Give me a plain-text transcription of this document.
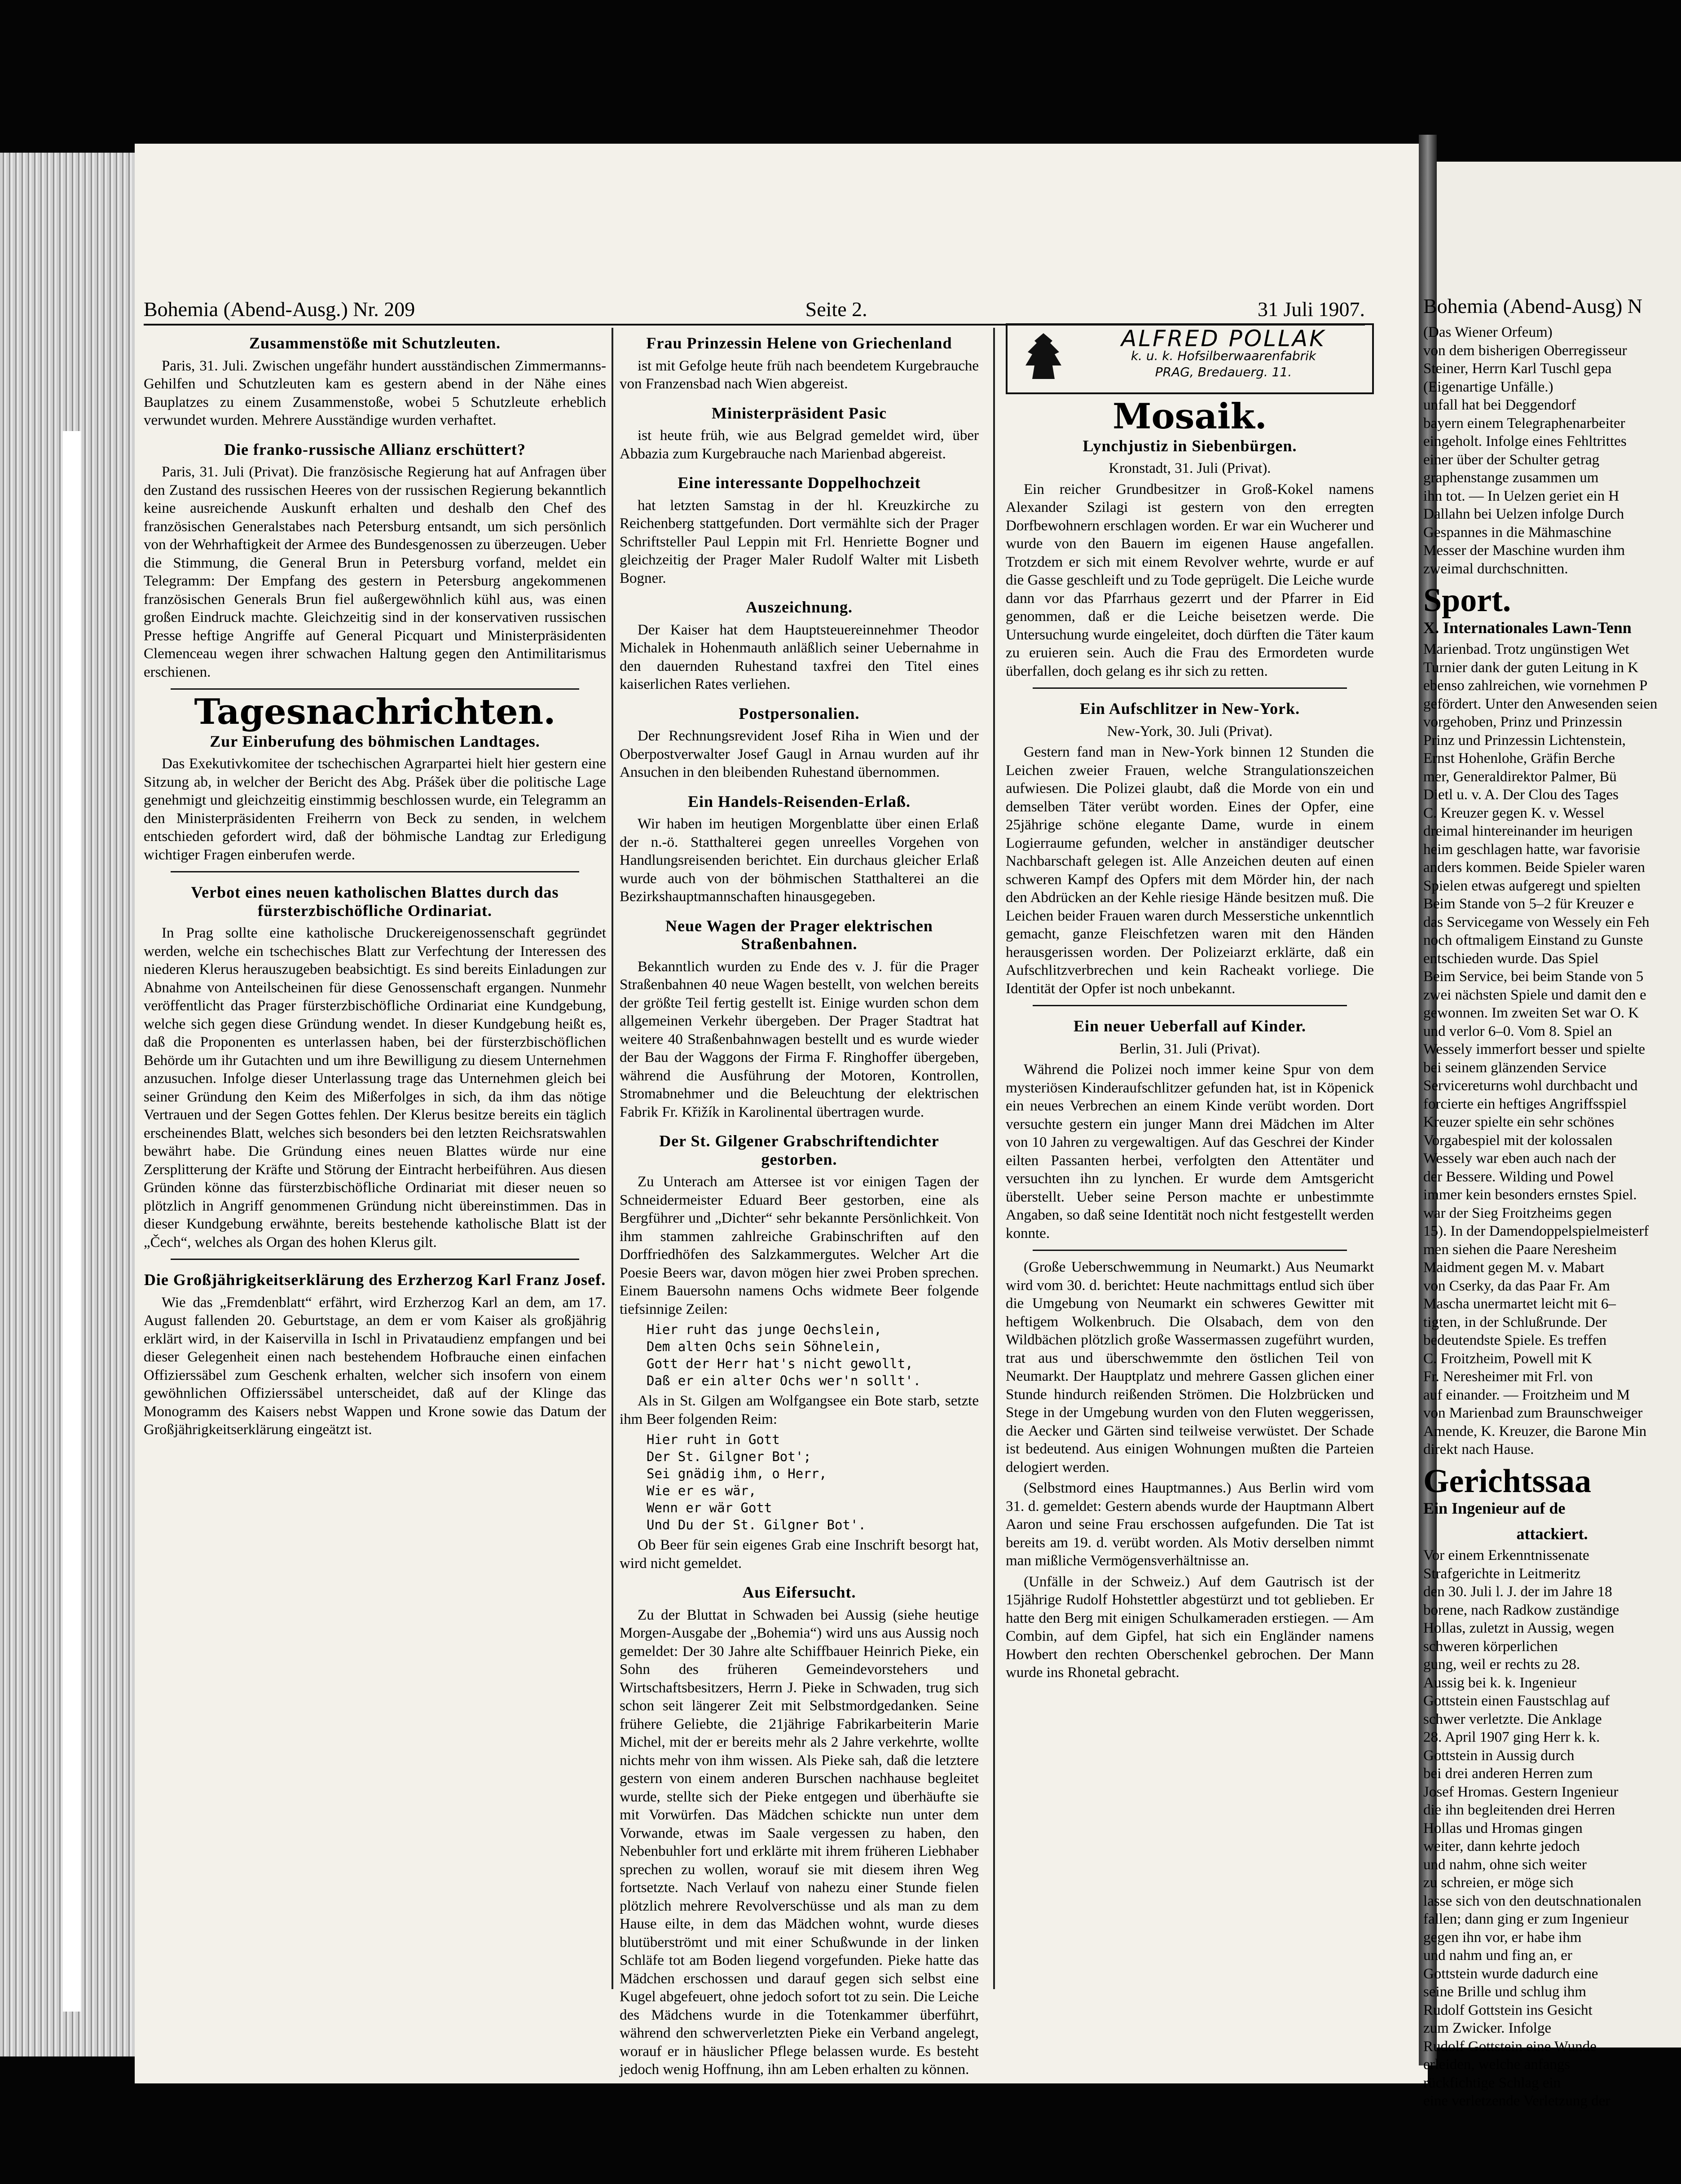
Bohemia (Abend-Ausg.) Nr. 209	Seite 2.	31 Juli 1907.
Zusammenstöße mit Schutzleuten.

Paris, 31. Juli. Zwischen ungefähr hundert ausständischen Zimmermanns-Gehilfen und Schutzleuten kam es gestern abend in der Nähe eines Bauplatzes zu einem Zusammenstoße, wobei 5 Schutzleute erheblich verwundet wurden. Mehrere Ausständige wurden verhaftet.

Die franko-russische Allianz erschüttert?

Paris, 31. Juli (Privat). Die französische Regierung hat auf Anfragen über den Zustand des russischen Heeres von der russischen Regierung bekanntlich keine ausreichende Auskunft erhalten und deshalb den Chef des französischen Generalstabes nach Petersburg entsandt, um sich persönlich von der Wehrhaftigkeit der Armee des Bundesgenossen zu überzeugen. Ueber die Stimmung, die General Brun in Petersburg vorfand, meldet ein Telegramm: Der Empfang des gestern in Petersburg angekommenen französischen Generals Brun fiel außergewöhnlich kühl aus, was einen großen Eindruck machte. Gleichzeitig sind in der konservativen russischen Presse heftige Angriffe auf General Picquart und Ministerpräsidenten Clemenceau wegen ihrer schwachen Haltung gegen den Antimilitarismus erschienen.

Tagesnachrichten.
Zur Einberufung des böhmischen Landtages.

Das Exekutivkomitee der tschechischen Agrarpartei hielt hier gestern eine Sitzung ab, in welcher der Bericht des Abg. Prášek über die politische Lage genehmigt und gleichzeitig einstimmig beschlossen wurde, ein Telegramm an den Ministerpräsidenten Freiherrn von Beck zu senden, in welchem entschieden gefordert wird, daß der böhmische Landtag zur Erledigung wichtiger Fragen einberufen werde.

Verbot eines neuen katholischen Blattes durch das fürsterzbischöfliche Ordinariat.

In Prag sollte eine katholische Druckereigenossenschaft gegründet werden, welche ein tschechisches Blatt zur Verfechtung der Interessen des niederen Klerus herauszugeben beabsichtigt. Es sind bereits Einladungen zur Abnahme von Anteilscheinen für diese Genossenschaft ergangen. Nunmehr veröffentlicht das Prager fürsterzbischöfliche Ordinariat eine Kundgebung, welche sich gegen diese Gründung wendet. In dieser Kundgebung heißt es, daß die Proponenten es unterlassen haben, bei der fürsterzbischöflichen Behörde um ihr Gutachten und um ihre Bewilligung zu diesem Unternehmen anzusuchen. Infolge dieser Unterlassung trage das Unternehmen gleich bei seiner Gründung den Keim des Mißerfolges in sich, da ihm das nötige Vertrauen und der Segen Gottes fehlen. Der Klerus besitze bereits ein täglich erscheinendes Blatt, welches sich besonders bei den letzten Reichsratswahlen bewährt habe. Die Gründung eines neuen Blattes würde nur eine Zersplitterung der Kräfte und Störung der Eintracht herbeiführen. Aus diesen Gründen könne das fürsterzbischöfliche Ordinariat mit dieser neuen so plötzlich in Angriff genommenen Gründung nicht übereinstimmen. Das in dieser Kundgebung erwähnte, bereits bestehende katholische Blatt ist der „Čech“, welches als Organ des hohen Klerus gilt.

Die Großjährigkeitserklärung des Erzherzog Karl Franz Josef.

Wie das „Fremdenblatt“ erfährt, wird Erzherzog Karl an dem, am 17. August fallenden 20. Geburtstage, an dem er vom Kaiser als großjährig erklärt wird, in der Kaiservilla in Ischl in Privataudienz empfangen und bei dieser Gelegenheit einen nach bestehendem Hofbrauche einen einfachen Offizierssäbel zum Geschenk erhalten, welcher sich insofern von einem gewöhnlichen Offizierssäbel unterscheidet, daß auf der Klinge das Monogramm des Kaisers nebst Wappen und Krone sowie das Datum der Großjährigkeitserklärung eingeätzt ist.

Frau Prinzessin Helene von Griechenland

ist mit Gefolge heute früh nach beendetem Kurgebrauche von Franzensbad nach Wien abgereist.

Ministerpräsident Pasic

ist heute früh, wie aus Belgrad gemeldet wird, über Abbazia zum Kurgebrauche nach Marienbad abgereist.

Eine interessante Doppelhochzeit

hat letzten Samstag in der hl. Kreuzkirche zu Reichenberg stattgefunden. Dort vermählte sich der Prager Schriftsteller Paul Leppin mit Frl. Henriette Bogner und gleichzeitig der Prager Maler Rudolf Walter mit Lisbeth Bogner.

Auszeichnung.

Der Kaiser hat dem Hauptsteuereinnehmer Theodor Michalek in Hohenmauth anläßlich seiner Uebernahme in den dauernden Ruhestand taxfrei den Titel eines kaiserlichen Rates verliehen.

Postpersonalien.

Der Rechnungsrevident Josef Riha in Wien und der Oberpostverwalter Josef Gaugl in Arnau wurden auf ihr Ansuchen in den bleibenden Ruhestand übernommen.

Ein Handels-Reisenden-Erlaß.

Wir haben im heutigen Morgenblatte über einen Erlaß der n.-ö. Statthalterei gegen unreelles Vorgehen von Handlungsreisenden berichtet. Ein durchaus gleicher Erlaß wurde auch von der böhmischen Statthalterei an die Bezirkshauptmannschaften hinausgegeben.

Neue Wagen der Prager elektrischen Straßenbahnen.

Bekanntlich wurden zu Ende des v. J. für die Prager Straßenbahnen 40 neue Wagen bestellt, von welchen bereits der größte Teil fertig gestellt ist. Einige wurden schon dem allgemeinen Verkehr übergeben. Der Prager Stadtrat hat weitere 40 Straßenbahnwagen bestellt und es wurde wieder der Bau der Waggons der Firma F. Ringhoffer übergeben, während die Ausführung der Motoren, Kontrollen, Stromabnehmer und die Beleuchtung der elektrischen Fabrik Fr. Křižík in Karolinental übertragen wurde.

Der St. Gilgener Grabschriftendichter gestorben.

Zu Unterach am Attersee ist vor einigen Tagen der Schneidermeister Eduard Beer gestorben, eine als Bergführer und „Dichter“ sehr bekannte Persönlichkeit. Von ihm stammen zahlreiche Grabinschriften auf den Dorffriedhöfen des Salzkammergutes. Welcher Art die Poesie Beers war, davon mögen hier zwei Proben sprechen. Einem Bauersohn namens Ochs widmete Beer folgende tiefsinnige Zeilen:

Hier ruht das junge Oechslein,
Dem alten Ochs sein Söhnelein,
Gott der Herr hat's nicht gewollt,
Daß er ein alter Ochs wer'n sollt'.

Als in St. Gilgen am Wolfgangsee ein Bote starb, setzte ihm Beer folgenden Reim:

Hier ruht in Gott
Der St. Gilgner Bot';
Sei gnädig ihm, o Herr,
Wie er es wär,
Wenn er wär Gott
Und Du der St. Gilgner Bot'.

Ob Beer für sein eigenes Grab eine Inschrift besorgt hat, wird nicht gemeldet.

Aus Eifersucht.

Zu der Bluttat in Schwaden bei Aussig (siehe heutige Morgen-Ausgabe der „Bohemia“) wird uns aus Aussig noch gemeldet: Der 30 Jahre alte Schiffbauer Heinrich Pieke, ein Sohn des früheren Gemeindevorstehers und Wirtschaftsbesitzers, Herrn J. Pieke in Schwaden, trug sich schon seit längerer Zeit mit Selbstmordgedanken. Seine frühere Geliebte, die 21jährige Fabrikarbeiterin Marie Michel, mit der er bereits mehr als 2 Jahre verkehrte, wollte nichts mehr von ihm wissen. Als Pieke sah, daß die letztere gestern von einem anderen Burschen nachhause begleitet wurde, stellte sich der Pieke entgegen und überhäufte sie mit Vorwürfen. Das Mädchen schickte nun unter dem Vorwande, etwas im Saale vergessen zu haben, den Nebenbuhler fort und erklärte mit ihrem früheren Liebhaber sprechen zu wollen, worauf sie mit diesem ihren Weg fortsetzte. Nach Verlauf von nahezu einer Stunde fielen plötzlich mehrere Revolverschüsse und als man zu dem Hause eilte, in dem das Mädchen wohnt, wurde dieses blutüberströmt und mit einer Schußwunde in der linken Schläfe tot am Boden liegend vorgefunden. Pieke hatte das Mädchen erschossen und darauf gegen sich selbst eine Kugel abgefeuert, ohne jedoch sofort tot zu sein. Die Leiche des Mädchens wurde in die Totenkammer überführt, während den schwerverletzten Pieke ein Verband angelegt, worauf er in häuslicher Pflege belassen wurde. Es besteht jedoch wenig Hoffnung, ihn am Leben erhalten zu können.

ALFRED POLLAK
k. u. k. Hofsilberwaarenfabrik
PRAG, Bredauerg. 11.
Mosaik.
Lynchjustiz in Siebenbürgen.

Kronstadt, 31. Juli (Privat).

Ein reicher Grundbesitzer in Groß-Kokel namens Alexander Szilagi ist gestern von den erregten Dorfbewohnern erschlagen worden. Er war ein Wucherer und wurde von den Bauern im eigenen Hause angefallen. Trotzdem er sich mit einem Revolver wehrte, wurde er auf die Gasse geschleift und zu Tode geprügelt. Die Leiche wurde dann vor das Pfarrhaus gezerrt und der Pfarrer in Eid genommen, daß er die Leiche beisetzen werde. Die Untersuchung wurde eingeleitet, doch dürften die Täter kaum zu eruieren sein. Auch die Frau des Ermordeten wurde überfallen, doch gelang es ihr sich zu retten.

Ein Aufschlitzer in New-York.

New-York, 30. Juli (Privat).

Gestern fand man in New-York binnen 12 Stunden die Leichen zweier Frauen, welche Strangulationszeichen aufwiesen. Die Polizei glaubt, daß die Morde von ein und demselben Täter verübt worden. Eines der Opfer, eine 25jährige schöne elegante Dame, wurde in einem Logierraume gefunden, welcher in anständiger deutscher Nachbarschaft gelegen ist. Alle Anzeichen deuten auf einen schweren Kampf des Opfers mit dem Mörder hin, der nach den Abdrücken an der Kehle riesige Hände besitzen muß. Die Leichen beider Frauen waren durch Messerstiche unkenntlich gemacht, ganze Fleischfetzen waren mit den Händen herausgerissen worden. Der Polizeiarzt erklärte, daß ein Aufschlitzverbrechen und kein Racheakt vorliege. Die Identität der Opfer ist noch unbekannt.

Ein neuer Ueberfall auf Kinder.

Berlin, 31. Juli (Privat).

Während die Polizei noch immer keine Spur von dem mysteriösen Kinderaufschlitzer gefunden hat, ist in Köpenick ein neues Verbrechen an einem Kinde verübt worden. Dort versuchte gestern ein junger Mann drei Mädchen im Alter von 10 Jahren zu vergewaltigen. Auf das Geschrei der Kinder eilten Passanten herbei, verfolgten den Attentäter und versuchten ihn zu lynchen. Er wurde dem Amtsgericht überstellt. Ueber seine Person machte er unbestimmte Angaben, so daß seine Identität noch nicht festgestellt werden konnte.

(Große Ueberschwemmung in Neumarkt.) Aus Neumarkt wird vom 30. d. berichtet: Heute nachmittags entlud sich über die Umgebung von Neumarkt ein schweres Gewitter mit heftigem Wolkenbruch. Die Olsabach, dem von den Wildbächen plötzlich große Wassermassen zugeführt wurden, trat aus und überschwemmte den östlichen Teil von Neumarkt. Der Hauptplatz und mehrere Gassen glichen einer Stunde hindurch reißenden Strömen. Die Holzbrücken und Stege in der Umgebung wurden von den Fluten weggerissen, die Aecker und Gärten sind teilweise verwüstet. Der Schade ist bedeutend. Aus einigen Wohnungen mußten die Parteien delogiert werden.

(Selbstmord eines Hauptmannes.) Aus Berlin wird vom 31. d. gemeldet: Gestern abends wurde der Hauptmann Albert Aaron und seine Frau erschossen aufgefunden. Die Tat ist bereits am 19. d. verübt worden. Als Motiv derselben nimmt man mißliche Vermögensverhältnisse an.

(Unfälle in der Schweiz.) Auf dem Gautrisch ist der 15jährige Rudolf Hohstettler abgestürzt und tot geblieben. Er hatte den Berg mit einigen Schulkameraden erstiegen. — Am Combin, auf dem Gipfel, hat sich ein Engländer namens Howbert den rechten Oberschenkel gebrochen. Der Mann wurde ins Rhonetal gebracht.

Bohemia (Abend-Ausg) N

(Das Wiener Orfeum)

von dem bisherigen Oberregisseur

Steiner, Herrn Karl Tuschl gepa

(Eigenartige Unfälle.)

unfall hat bei Deggendorf

bayern einem Telegraphenarbeiter

eingeholt. Infolge eines Fehltrittes

einer über der Schulter getrag

graphenstange zusammen um

ihn tot. — In Uelzen geriet ein H

Dallahn bei Uelzen infolge Durch

Gespannes in die Mähmaschine

Messer der Maschine wurden ihm

zweimal durchschnitten.

Sport.
X. Internationales Lawn-Tenn

Marienbad. Trotz ungünstigen Wet

Turnier dank der guten Leitung in K

ebenso zahlreichen, wie vornehmen P

gefördert. Unter den Anwesenden seien

vorgehoben, Prinz und Prinzessin

Prinz und Prinzessin Lichtenstein,

Ernst Hohenlohe, Gräfin Berche

mer, Generaldirektor Palmer, Bü

Dietl u. v. A. Der Clou des Tages

C. Kreuzer gegen K. v. Wessel

dreimal hintereinander im heurigen

heim geschlagen hatte, war favorisie

anders kommen. Beide Spieler waren

Spielen etwas aufgeregt und spielten

Beim Stande von 5–2 für Kreuzer e

das Servicegame von Wessely ein Feh

noch oftmaligem Einstand zu Gunste

entschieden wurde. Das Spiel

Beim Service, bei beim Stande von 5

zwei nächsten Spiele und damit den e

gewonnen. Im zweiten Set war O. K

und verlor 6–0. Vom 8. Spiel an

Wessely immerfort besser und spielte

bei seinem glänzenden Service

Servicereturns wohl durchbacht und

forcierte ein heftiges Angriffsspiel

Kreuzer spielte ein sehr schönes

Vorgabespiel mit der kolossalen

Wessely war eben auch nach der

der Bessere. Wilding und Powel

immer kein besonders ernstes Spiel.

war der Sieg Froitzheims gegen

15). In der Damendoppelspielmeisterf

men siehen die Paare Neresheim

Maidment gegen M. v. Mabart

von Cserky, da das Paar Fr. Am

Mascha unermartet leicht mit 6–

tigten, in der Schlußrunde. Der

bedeutendste Spiele. Es treffen

C. Froitzheim, Powell mit K

Fr. Neresheimer mit Frl. von

auf einander. — Froitzheim und M

von Marienbad zum Braunschweiger

Amende, K. Kreuzer, die Barone Min

direkt nach Hause.

Gerichtssaa
Ein Ingenieur auf de
attackiert.

Vor einem Erkenntnissenate

Strafgerichte in Leitmeritz

den 30. Juli l. J. der im Jahre 18

borene, nach Radkow zuständige

Hollas, zuletzt in Aussig, wegen

schweren körperlichen

gung, weil er rechts zu 28.

Aussig bei k. k. Ingenieur

Gottstein einen Faustschlag auf

schwer verletzte. Die Anklage

28. April 1907 ging Herr k. k.

Gottstein in Aussig durch

bei drei anderen Herren zum

Josef Hromas. Gestern Ingenieur

die ihn begleitenden drei Herren

Hollas und Hromas gingen

weiter, dann kehrte jedoch

und nahm, ohne sich weiter

zu schreien, er möge sich

lasse sich von den deutschnationalen

fallen; dann ging er zum Ingenieur

gegen ihn vor, er habe ihm

und nahm und fing an, er

Gottstein wurde dadurch eine

seine Brille und schlug ihm

Rudolf Gottstein ins Gesicht

zum Zwicker. Infolge

Rudolf Gottstein eine Wunde

erleiden, welche anfangs

rückfichtige Schlag ein

eine verletzende Verletzung der
